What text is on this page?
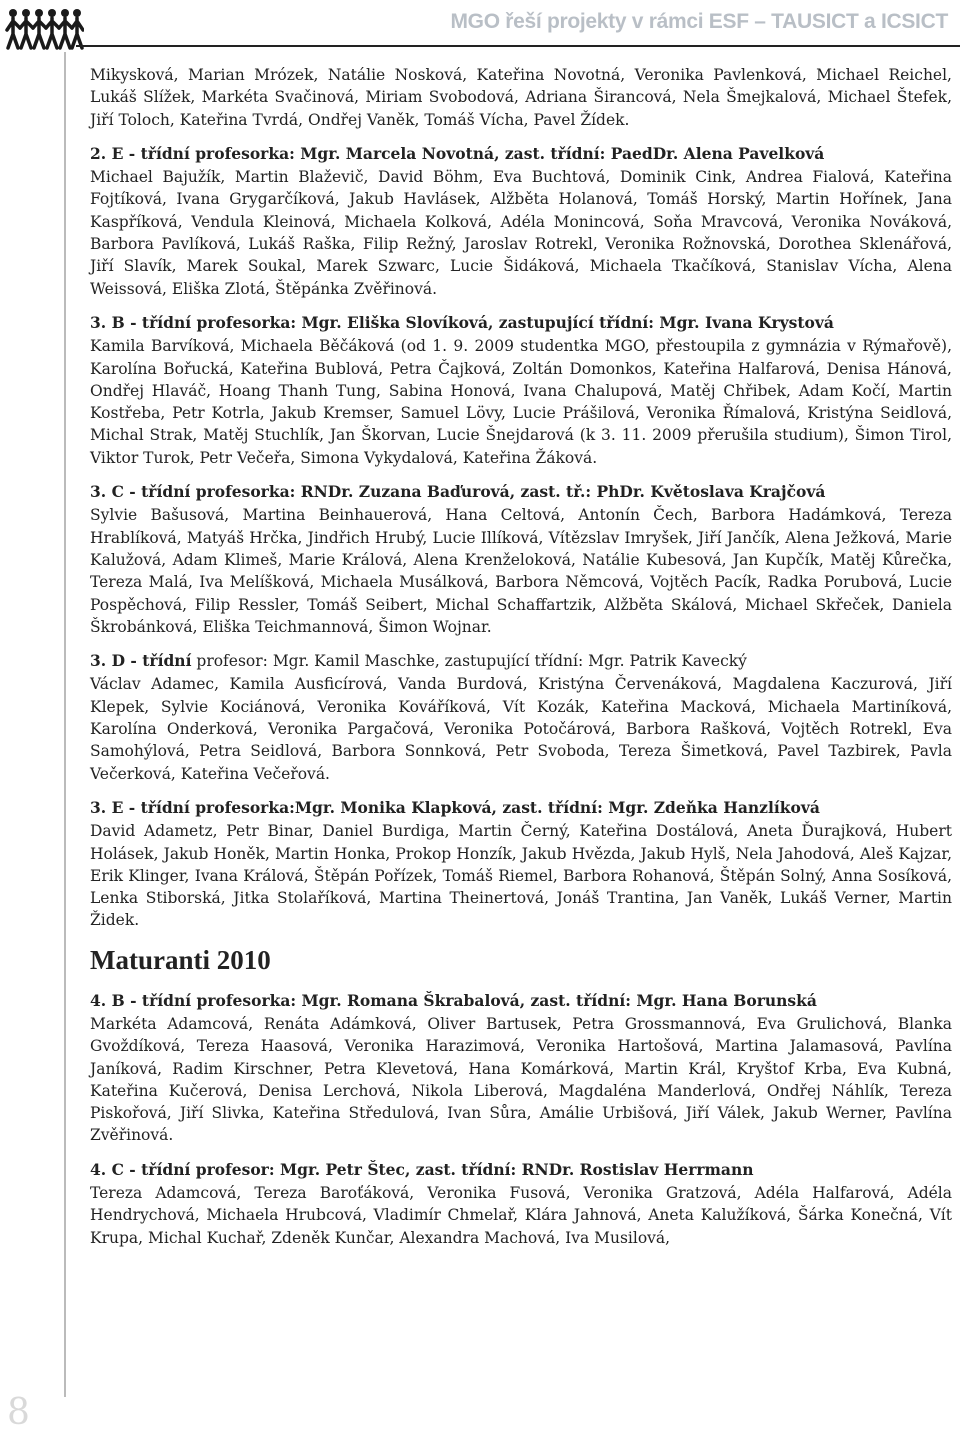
MGO řeší projekty v rámci ESF – TAUSICT a ICSICT
8

Mikysková, Marian Mrózek, Natálie Nosková, Kateřina Novotná, Veronika Pavlenková, Michael Reichel, Lukáš Slížek, Markéta Svačinová, Miriam Svobodová, Adriana Širancová, Nela Šmejkalová, Michael Štefek, Jiří Toloch, Kateřina Tvrdá, Ondřej Vaněk, Tomáš Vícha, Pavel Žídek.

2. E - třídní profesorka: Mgr. Marcela Novotná, zast. třídní: PaedDr. Alena Pavelková

Michael Bajužík, Martin Blaževič, David Böhm, Eva Buchtová, Dominik Cink, Andrea Fialová, Kateřina Fojtíková, Ivana Grygarčíková, Jakub Havlásek, Alžběta Holanová, Tomáš Horský, Martin Hořínek, Jana Kaspříková, Vendula Kleinová, Michaela Kolková, Adéla Monincová, Soňa Mravcová, Veronika Nováková, Barbora Pavlíková, Lukáš Raška, Filip Režný, Jaroslav Rotrekl, Veronika Rožnovská, Dorothea Sklenářová, Jiří Slavík, Marek Soukal, Marek Szwarc, Lucie Šidáková, Michaela Tkačíková, Stanislav Vícha, Alena Weissová, Eliška Zlotá, Štěpánka Zvěřinová.

3. B - třídní profesorka: Mgr. Eliška Slovíková, zastupující třídní: Mgr. Ivana Krystová

Kamila Barvíková, Michaela Běčáková (od 1. 9. 2009 studentka MGO, přestoupila z gymnázia v Rýmařově), Karolína Bořucká, Kateřina Bublová, Petra Čajková, Zoltán Domonkos, Kateřina Halfarová, Denisa Hánová, Ondřej Hlaváč, Hoang Thanh Tung, Sabina Honová, Ivana Chalupová, Matěj Chřibek, Adam Kočí, Martin Kostřeba, Petr Kotrla, Jakub Kremser, Samuel Lövy, Lucie Prášilová, Veronika Římalová, Kristýna Seidlová, Michal Strak, Matěj Stuchlík, Jan Škorvan, Lucie Šnejdarová (k 3. 11. 2009 přerušila studium), Šimon Tirol, Viktor Turok, Petr Večeřa, Simona Vykydalová, Kateřina Žáková.

3. C - třídní profesorka: RNDr. Zuzana Baďurová, zast. tř.: PhDr. Květoslava Krajčová

Sylvie Bašusová, Martina Beinhauerová, Hana Celtová, Antonín Čech, Barbora Hadámková, Tereza Hrablíková, Matyáš Hrčka, Jindřich Hrubý, Lucie Illíková, Vítězslav Imryšek, Jiří Jančík, Alena Ježková, Marie Kalužová, Adam Klimeš, Marie Králová, Alena Krenželoková, Natálie Kubesová, Jan Kupčík, Matěj Kůrečka, Tereza Malá, Iva Melíšková, Michaela Musálková, Barbora Němcová, Vojtěch Pacík, Radka Porubová, Lucie Pospěchová, Filip Ressler, Tomáš Seibert, Michal Schaffartzik, Alžběta Skálová, Michael Skřeček, Daniela Škrobánková, Eliška Teichmannová, Šimon Wojnar.

3. D - třídní profesor: Mgr. Kamil Maschke, zastupující třídní: Mgr. Patrik Kavecký

Václav Adamec, Kamila Ausficírová, Vanda Burdová, Kristýna Červenáková, Magdalena Kaczurová, Jiří Klepek, Sylvie Kociánová, Veronika Kováříková, Vít Kozák, Kateřina Macková, Michaela Martiníková, Karolína Onderková, Veronika Pargačová, Veronika Potočárová, Barbora Rašková, Vojtěch Rotrekl, Eva Samohýlová, Petra Seidlová, Barbora Sonnková, Petr Svoboda, Tereza Šimetková, Pavel Tazbirek, Pavla Večerková, Kateřina Večeřová.

3. E - třídní profesorka:Mgr. Monika Klapková, zast. třídní: Mgr. Zdeňka Hanzlíková

David Adametz, Petr Binar, Daniel Burdiga, Martin Černý, Kateřina Dostálová, Aneta Ďurajková, Hubert Holásek, Jakub Honěk, Martin Honka, Prokop Honzík, Jakub Hvězda, Jakub Hylš, Nela Jahodová, Aleš Kajzar, Erik Klinger, Ivana Králová, Štěpán Pořízek, Tomáš Riemel, Barbora Rohanová, Štěpán Solný, Anna Sosíková, Lenka Stiborská, Jitka Stolaříková, Martina Theinertová, Jonáš Trantina, Jan Vaněk, Lukáš Verner, Martin Židek.

Maturanti 2010

4. B - třídní profesorka: Mgr. Romana Škrabalová, zast. třídní: Mgr. Hana Borunská

Markéta Adamcová, Renáta Adámková, Oliver Bartusek, Petra Grossmannová, Eva Grulichová, Blanka Gvoždíková, Tereza Haasová, Veronika Harazimová, Veronika Hartošová, Martina Jalamasová, Pavlína Janíková, Radim Kirschner, Petra Klevetová, Hana Komárková, Martin Král, Kryštof Krba, Eva Kubná, Kateřina Kučerová, Denisa Lerchová, Nikola Liberová, Magdaléna Manderlová, Ondřej Náhlík, Tereza Piskořová, Jiří Slivka, Kateřina Středulová, Ivan Sůra, Amálie Urbišová, Jiří Válek, Jakub Werner, Pavlína Zvěřinová.

4. C - třídní profesor: Mgr. Petr Štec, zast. třídní: RNDr. Rostislav Herrmann

Tereza Adamcová, Tereza Baroťáková, Veronika Fusová, Veronika Gratzová, Adéla Halfarová, Adéla Hendrychová, Michaela Hrubcová, Vladimír Chmelař, Klára Jahnová, Aneta Kalužíková, Šárka Konečná, Vít Krupa, Michal Kuchař, Zdeněk Kunčar, Alexandra Machová, Iva Musilová,
